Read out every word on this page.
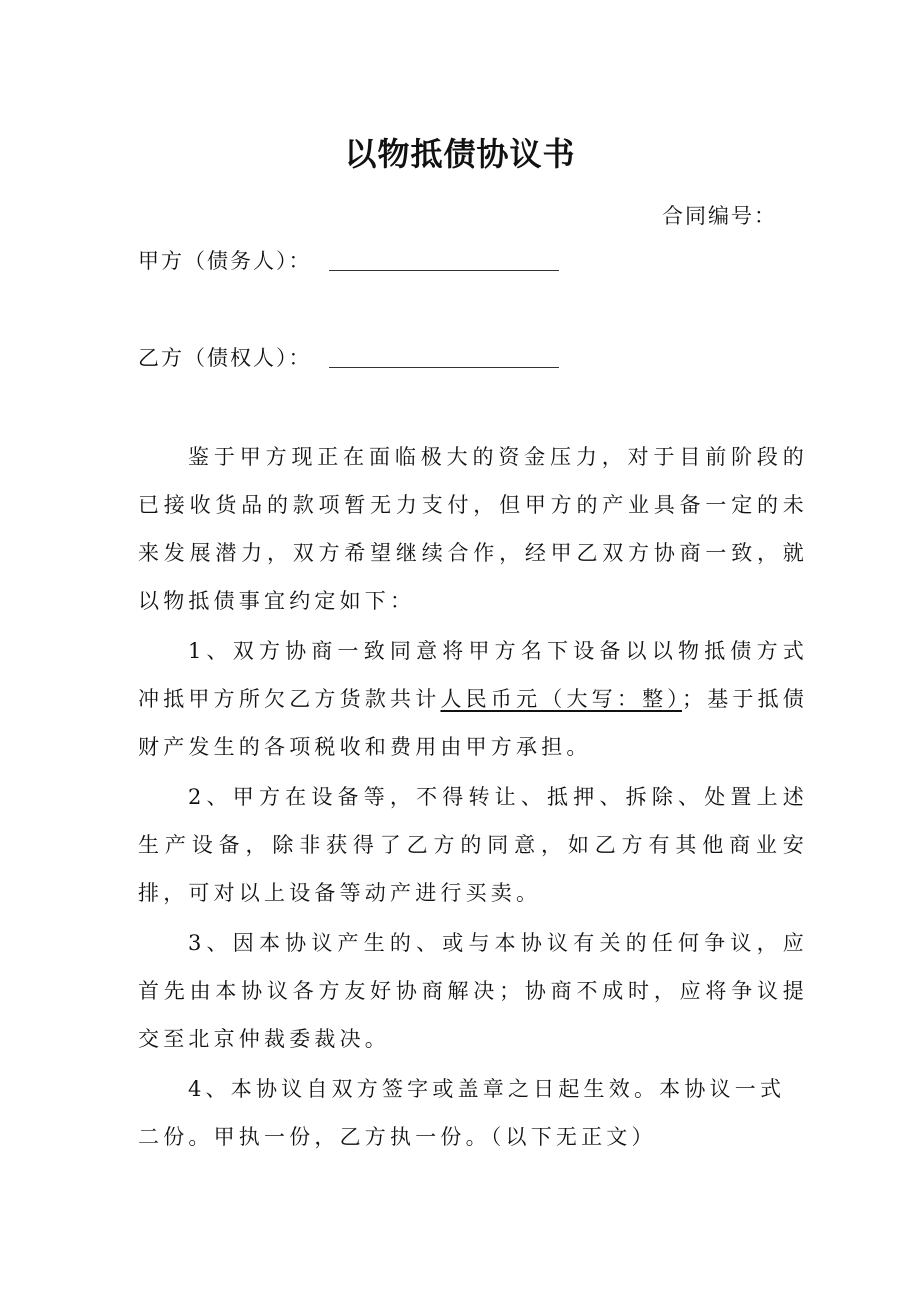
以物抵债协议书
合同编号：
甲方（债务人）：
乙方（债权人）：

鉴于甲方现正在面临极大的资金压力，对于目前阶段的已接收货品的款项暂无力支付，但甲方的产业具备一定的未来发展潜力，双方希望继续合作，经甲乙双方协商一致，就以物抵债事宜约定如下：

1、双方协商一致同意将甲方名下设备以以物抵债方式冲抵甲方所欠乙方货款共计人民币元（大写：整）；基于抵债财产发生的各项税收和费用由甲方承担。

2、甲方在设备等，不得转让、抵押、拆除、处置上述生产设备，除非获得了乙方的同意，如乙方有其他商业安排，可对以上设备等动产进行买卖。

3、因本协议产生的、或与本协议有关的任何争议，应首先由本协议各方友好协商解决；协商不成时，应将争议提交至北京仲裁委裁决。

4、本协议自双方签字或盖章之日起生效。本协议一式

二份。甲执一份，乙方执一份。（以下无正文）
